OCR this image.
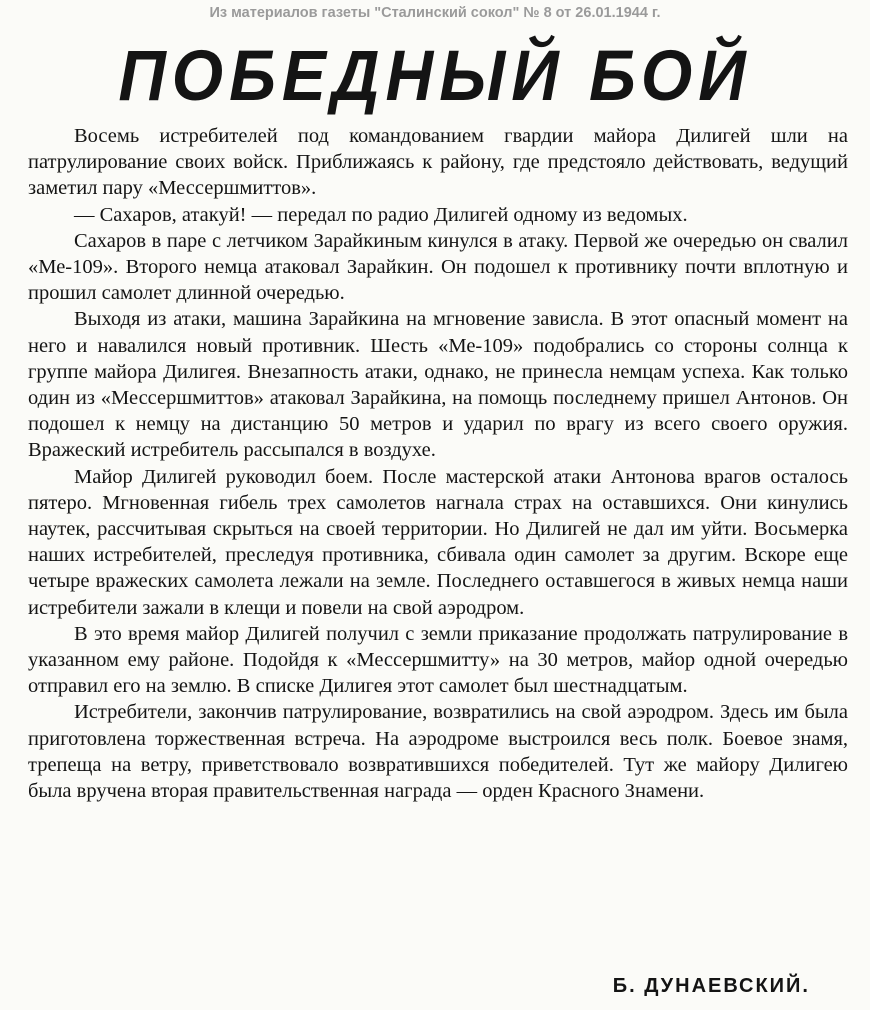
Из материалов газеты "Сталинский сокол" № 8 от 26.01.1944 г.
ПОБЕДНЫЙ БОЙ

Восемь истребителей под командованием гвардии майора Дилигей шли на патрулирование своих войск. Приближаясь к району, где предстояло действовать, ведущий заметил пару «Мессершмиттов».

— Сахаров, атакуй! — передал по радио Дилигей одному из ведомых.

Сахаров в паре с летчиком Зарайкиным кинулся в атаку. Первой же очередью он свалил «Ме-109». Второго немца атаковал Зарайкин. Он подошел к противнику почти вплотную и прошил самолет длинной очередью.

Выходя из атаки, машина Зарайкина на мгновение зависла. В этот опасный момент на него и навалился новый противник. Шесть «Ме-109» подобрались со стороны солнца к группе майора Дилигея. Внезапность атаки, однако, не принесла немцам успеха. Как только один из «Мессершмиттов» атаковал Зарайкина, на помощь последнему пришел Антонов. Он подошел к немцу на дистанцию 50 метров и ударил по врагу из всего своего оружия. Вражеский истребитель рассыпался в воздухе.

Майор Дилигей руководил боем. После мастерской атаки Антонова врагов осталось пятеро. Мгновенная гибель трех самолетов нагнала страх на оставшихся. Они кинулись наутек, рассчитывая скрыться на своей территории. Но Дилигей не дал им уйти. Восьмерка наших истребителей, преследуя противника, сбивала один самолет за другим. Вскоре еще четыре вражеских самолета лежали на земле. Последнего оставшегося в живых немца наши истребители зажали в клещи и повели на свой аэродром.

В это время майор Дилигей получил с земли приказание продолжать патрулирование в указанном ему районе. Подойдя к «Мессершмитту» на 30 метров, майор одной очередью отправил его на землю. В списке Дилигея этот самолет был шестнадцатым.

Истребители, закончив патрулирование, возвратились на свой аэродром. Здесь им была приготовлена торжественная встреча. На аэродроме выстроился весь полк. Боевое знамя, трепеща на ветру, приветствовало возвратившихся победителей. Тут же майору Дилигею была вручена вторая правительственная награда — орден Красного Знамени.

Б. ДУНАЕВСКИЙ.
